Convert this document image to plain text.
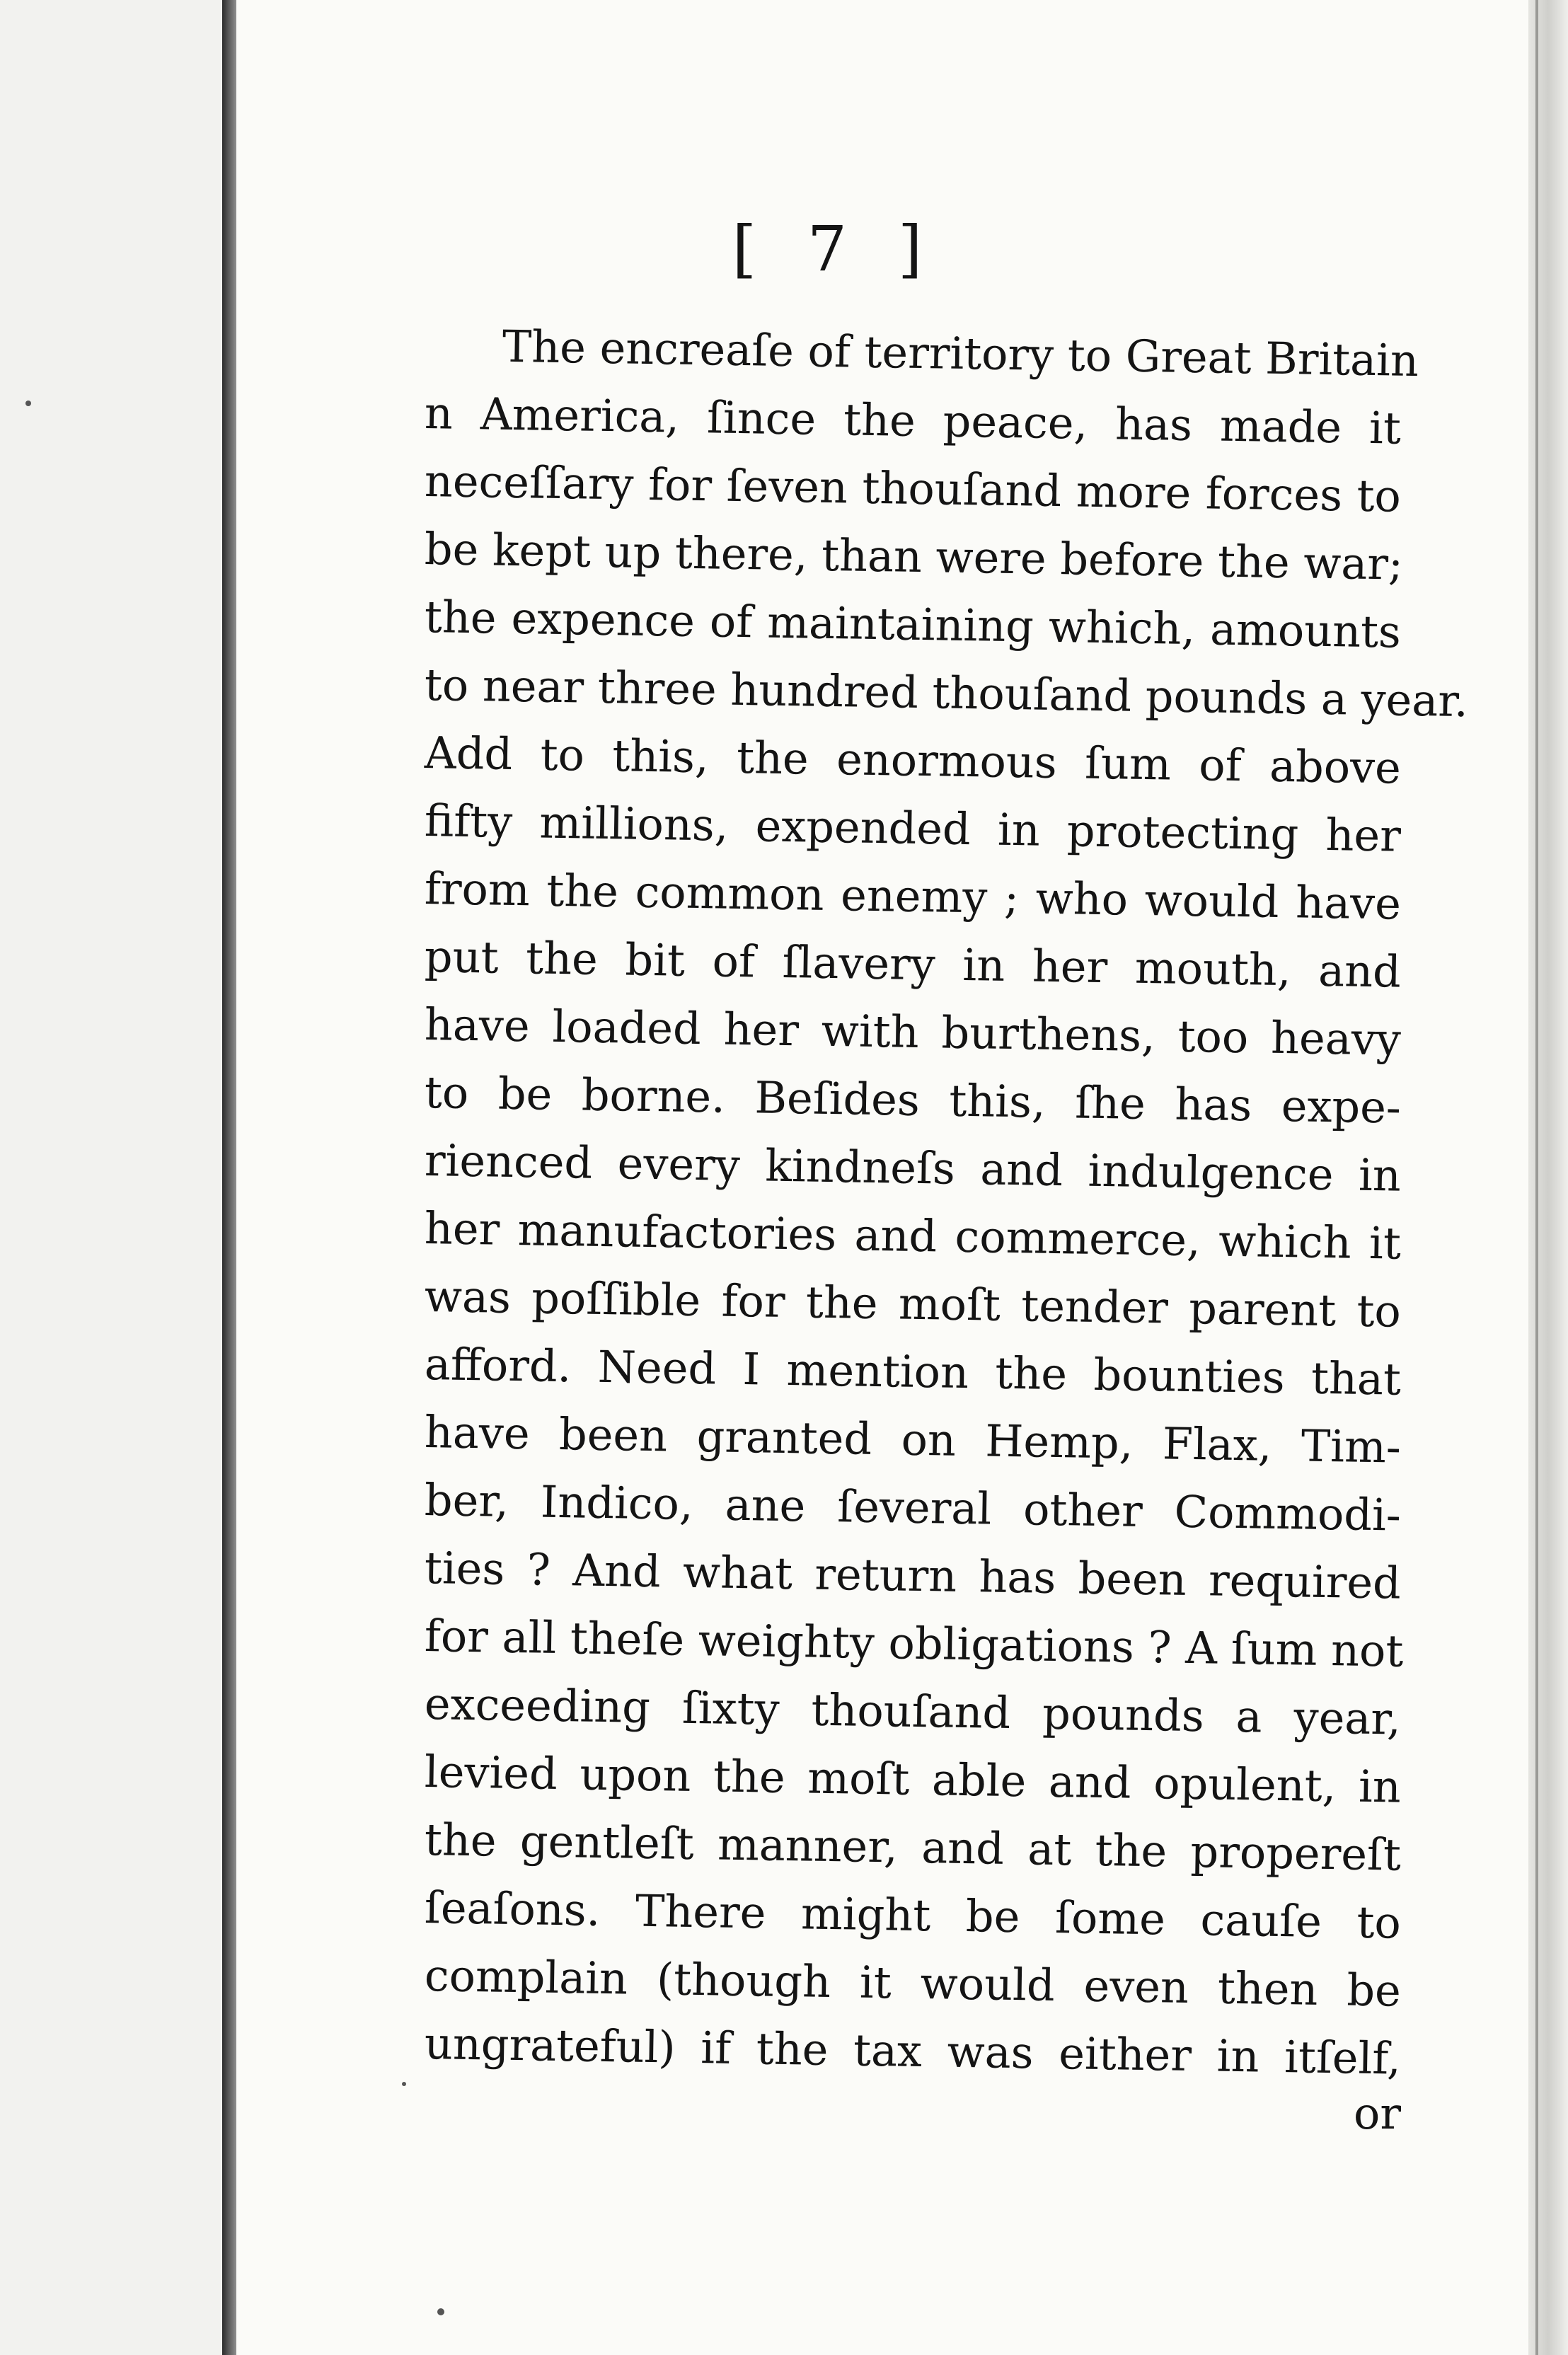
[ 7 ]
The encreaſe of territory to Great Britain
n America, ſince the peace, has made it
neceſſary for ſeven thouſand more forces to
be kept up there, than were before the war;
the expence of maintaining which, amounts
to near three hundred thouſand pounds a year.
Add to this, the enormous ſum of above
fifty millions, expended in protecting her
from the common enemy ; who would have
put the bit of ſlavery in her mouth, and
have loaded her with burthens, too heavy
to be borne. Beſides this, ſhe has expe-
rienced every kindneſs and indulgence in
her manufactories and commerce, which it
was poſſible for the moſt tender parent to
afford. Need I mention the bounties that
have been granted on Hemp, Flax, Tim-
ber, Indico, ane ſeveral other Commodi-
ties ? And what return has been required
for all theſe weighty obligations ? A ſum not
exceeding ſixty thouſand pounds a year,
levied upon the moſt able and opulent, in
the gentleſt manner, and at the propereſt
ſeaſons. There might be ſome cauſe to
complain (though it would even then be
ungrateful) if the tax was either in itſelf,
or
